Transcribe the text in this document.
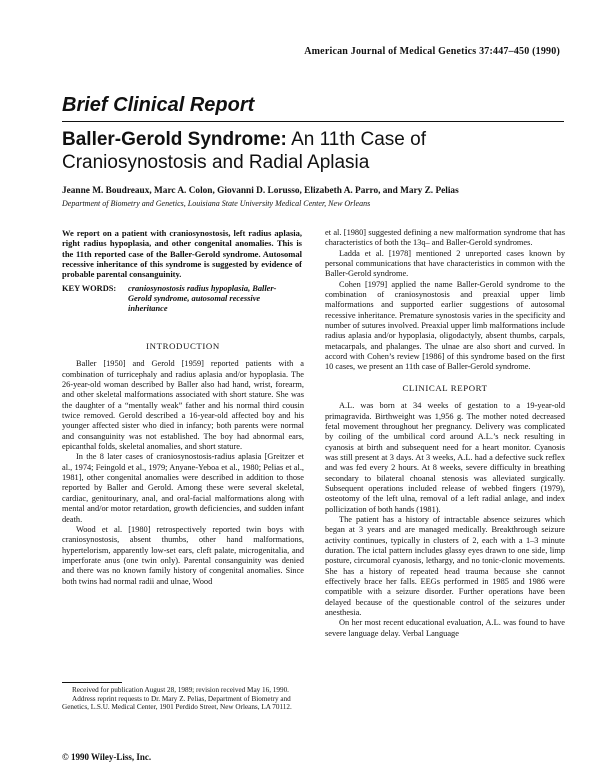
American Journal of Medical Genetics 37:447–450 (1990)
Brief Clinical Report
Baller-Gerold Syndrome: An 11th Case of Craniosynostosis and Radial Aplasia
Jeanne M. Boudreaux, Marc A. Colon, Giovanni D. Lorusso, Elizabeth A. Parro, and Mary Z. Pelias
Department of Biometry and Genetics, Louisiana State University Medical Center, New Orleans

We report on a patient with craniosynostosis, left radius aplasia, right radius hypoplasia, and other congenital anomalies. This is the 11th reported case of the Baller-Gerold syndrome. Autosomal recessive inheritance of this syndrome is suggested by evidence of probable parental consanguinity.

KEY WORDS: craniosynostosis radius hypoplasia, Baller-Gerold syndrome, autosomal recessive inheritance

INTRODUCTION

Baller [1950] and Gerold [1959] reported patients with a combination of turricephaly and radius aplasia and/or hypoplasia. The 26-year-old woman described by Baller also had hand, wrist, forearm, and other skeletal malformations associated with short stature. She was the daughter of a “mentally weak” father and his normal third cousin twice removed. Gerold described a 16-year-old affected boy and his younger affected sister who died in infancy; both parents were normal and consanguinity was not established. The boy had abnormal ears, epicanthal folds, skeletal anomalies, and short stature.

In the 8 later cases of craniosynostosis-radius aplasia [Greitzer et al., 1974; Feingold et al., 1979; Anyane-Yeboa et al., 1980; Pelias et al., 1981], other congenital anomalies were described in addition to those reported by Baller and Gerold. Among these were several skeletal, cardiac, genitourinary, anal, and oral-facial malformations along with mental and/or motor retardation, growth deficiencies, and sudden infant death.

Wood et al. [1980] retrospectively reported twin boys with craniosynostosis, absent thumbs, other hand malformations, hypertelorism, apparently low-set ears, cleft palate, microgenitalia, and imperforate anus (one twin only). Parental consanguinity was denied and there was no known family history of congenital anomalies. Since both twins had normal radii and ulnae, Wood

Received for publication August 28, 1989; revision received May 16, 1990.

Address reprint requests to Dr. Mary Z. Pelias, Department of Biometry and Genetics, L.S.U. Medical Center, 1901 Perdido Street, New Orleans, LA 70112.

© 1990 Wiley-Liss, Inc.

et al. [1980] suggested defining a new malformation syndrome that has characteristics of both the 13q– and Baller-Gerold syndromes.

Ladda et al. [1978] mentioned 2 unreported cases known by personal communications that have characteristics in common with the Baller-Gerold syndrome.

Cohen [1979] applied the name Baller-Gerold syndrome to the combination of craniosynostosis and preaxial upper limb malformations and supported earlier suggestions of autosomal recessive inheritance. Premature synostosis varies in the specificity and number of sutures involved. Preaxial upper limb malformations include radius aplasia and/or hypoplasia, oligodactyly, absent thumbs, carpals, metacarpals, and phalanges. The ulnae are also short and curved. In accord with Cohen’s review [1986] of this syndrome based on the first 10 cases, we present an 11th case of Baller-Gerold syndrome.

CLINICAL REPORT

A.L. was born at 34 weeks of gestation to a 19-year-old primagravida. Birthweight was 1,956 g. The mother noted decreased fetal movement throughout her pregnancy. Delivery was complicated by coiling of the umbilical cord around A.L.’s neck resulting in cyanosis at birth and subsequent need for a heart monitor. Cyanosis was still present at 3 days. At 3 weeks, A.L. had a defective suck reflex and was fed every 2 hours. At 8 weeks, severe difficulty in breathing secondary to bilateral choanal stenosis was alleviated surgically. Subsequent operations included release of webbed fingers (1979), osteotomy of the left ulna, removal of a left radial anlage, and index pollicization of both hands (1981).

The patient has a history of intractable absence seizures which began at 3 years and are managed medically. Breakthrough seizure activity continues, typically in clusters of 2, each with a 1–3 minute duration. The ictal pattern includes glassy eyes drawn to one side, limp posture, circumoral cyanosis, lethargy, and no tonic-clonic movements. She has a history of repeated head trauma because she cannot effectively brace her falls. EEGs performed in 1985 and 1986 were compatible with a seizure disorder. Further operations have been delayed because of the questionable control of the seizures under anesthesia.

On her most recent educational evaluation, A.L. was found to have severe language delay. Verbal Language
